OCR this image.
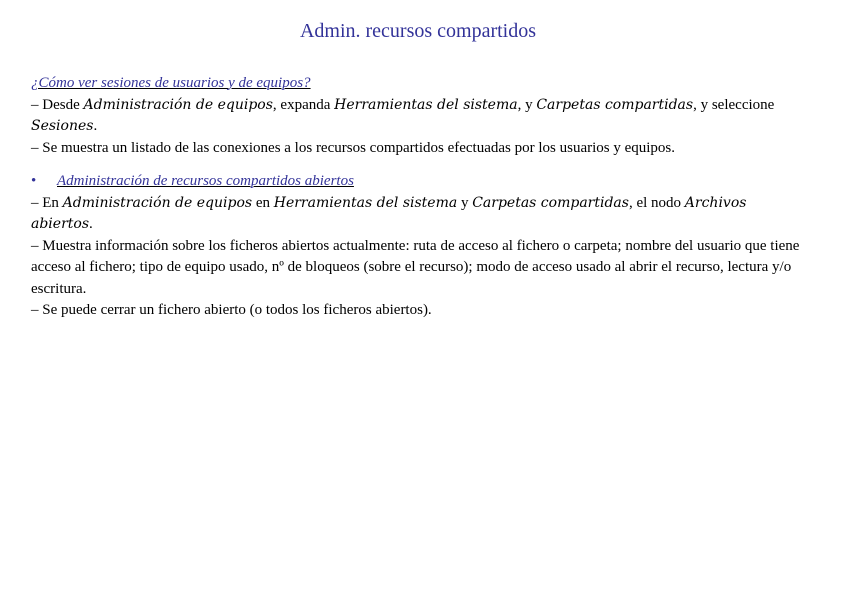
Admin. recursos compartidos

¿Cómo ver sesiones de usuarios y de equipos?

– Desde Administración de equipos, expanda Herramientas del sistema, y Carpetas compartidas, y seleccione Sesiones.

– Se muestra un listado de las conexiones a los recursos compartidos efectuadas por los usuarios y equipos.

• Administración de recursos compartidos abiertos

– En Administración de equipos en Herramientas del sistema y Carpetas compartidas, el nodo Archivos abiertos.

– Muestra información sobre los ficheros abiertos actualmente: ruta de acceso al fichero o carpeta; nombre del usuario que tiene acceso al fichero; tipo de equipo usado, nº de bloqueos (sobre el recurso); modo de acceso usado al abrir el recurso, lectura y/o escritura.

– Se puede cerrar un fichero abierto (o todos los ficheros abiertos).
